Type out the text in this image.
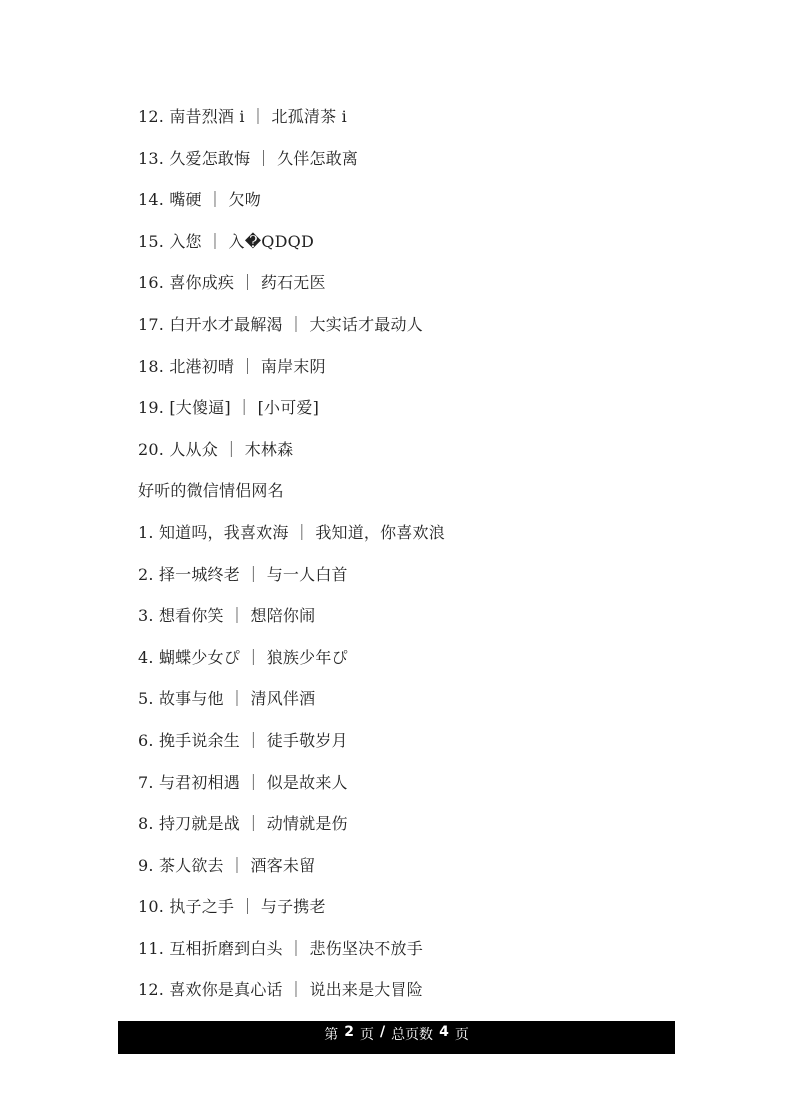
12. 南昔烈酒 i ｜ 北孤清茶 i
13. 久爱怎敢悔 ｜ 久伴怎敢离
14. 嘴硬 ｜ 欠吻
15. 入您 ｜ 入�QDQD
16. 喜你成疾 ｜ 药石无医
17. 白开水才最解渴 ｜ 大实话才最动人
18. 北港初晴 ｜ 南岸末阴
19. [大傻逼] ｜ [小可爱]
20. 人从众 ｜ 木林森
好听的微信情侣网名
1. 知道吗，我喜欢海 ｜ 我知道，你喜欢浪
2. 择一城终老 ｜ 与一人白首
3. 想看你笑 ｜ 想陪你闹
4. 蝴蝶少女ぴ ｜ 狼族少年ぴ
5. 故事与他 ｜ 清风伴酒
6. 挽手说余生 ｜ 徒手敬岁月
7. 与君初相遇 ｜ 似是故来人
8. 持刀就是战 ｜ 动情就是伤
9. 茶人欲去 ｜ 酒客未留
10. 执子之手 ｜ 与子携老
11. 互相折磨到白头 ｜ 悲伤坚决不放手
12. 喜欢你是真心话 ｜ 说出来是大冒险
第 2 页 / 总页数 4 页
